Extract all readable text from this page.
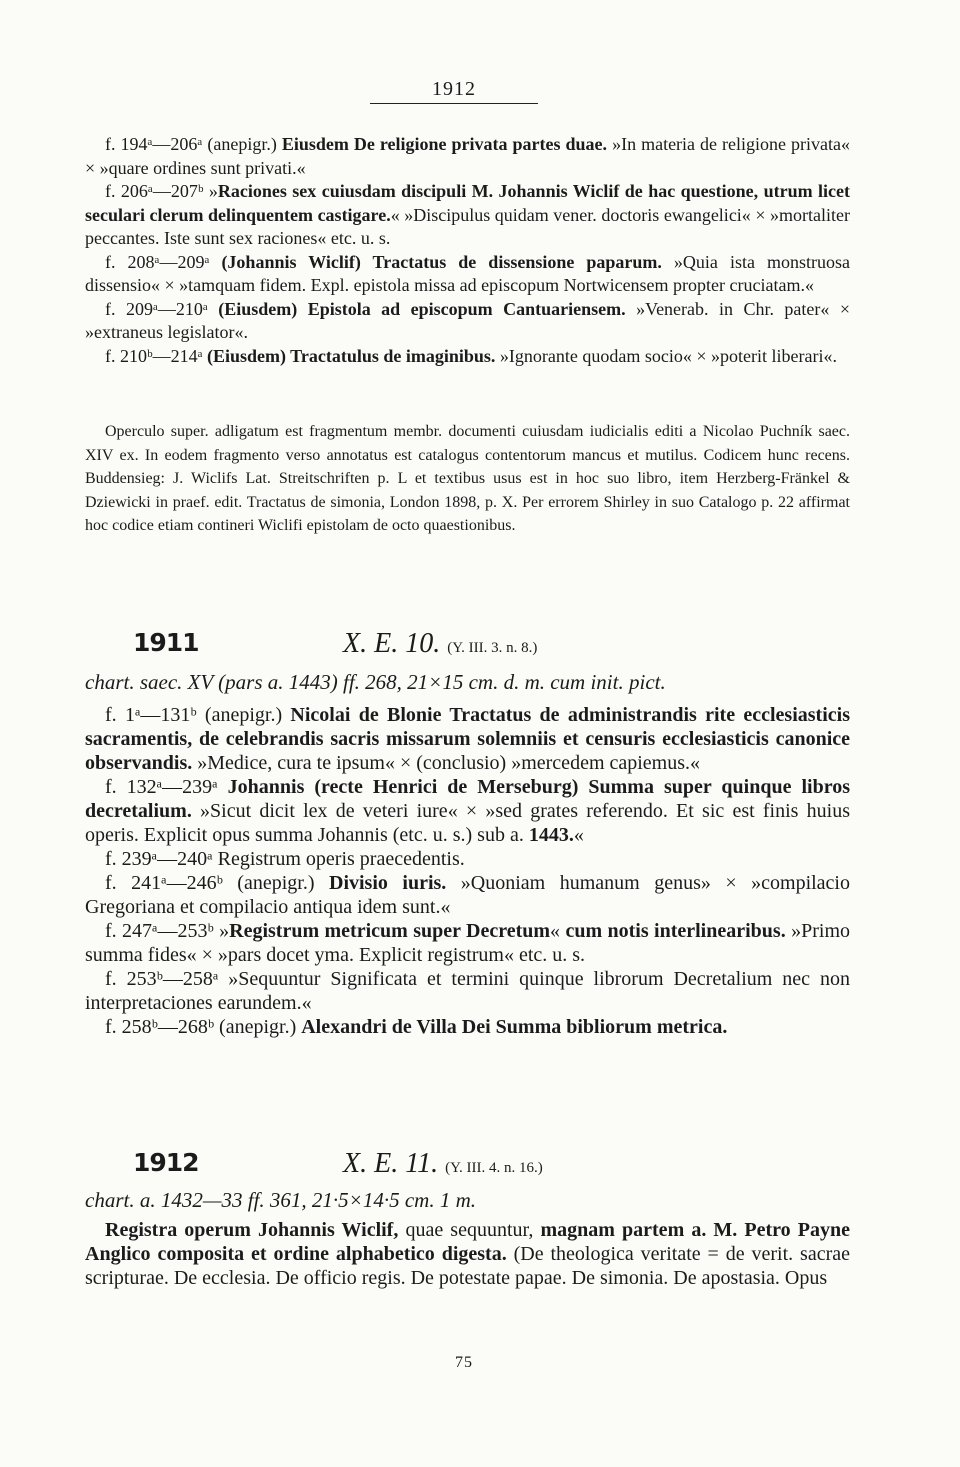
1912

f. 194ᵃ—206ᵃ (anepigr.) Eiusdem De religione privata partes duae. »In materia de religione privata« × »quare ordines sunt privati.«

f. 206ᵃ—207ᵇ »Raciones sex cuiusdam discipuli M. Johannis Wiclif de hac questione, utrum licet seculari clerum delinquentem castigare.« »Discipulus quidam vener. doctoris ewangelici« × »mortaliter peccantes. Iste sunt sex raciones« etc. u. s.

f. 208ᵃ—209ᵃ (Johannis Wiclif) Tractatus de dissensione paparum. »Quia ista monstruosa dissensio« × »tamquam fidem. Expl. epistola missa ad episcopum Nortwicensem propter cruciatam.«

f. 209ᵃ—210ᵃ (Eiusdem) Epistola ad episcopum Cantuariensem. »Venerab. in Chr. pater« × »extraneus legislator«.

f. 210ᵇ—214ᵃ (Eiusdem) Tractatulus de imaginibus. »Ignorante quodam socio« × »poterit liberari«.

Operculo super. adligatum est fragmentum membr. documenti cuiusdam iudicialis editi a Nicolao Puchník saec. XIV ex. In eodem fragmento verso annotatus est catalogus contentorum mancus et mutilus. Codicem hunc recens. Buddensieg: J. Wiclifs Lat. Streitschriften p. L et textibus usus est in hoc suo libro, item Herzberg-Fränkel & Dziewicki in praef. edit. Tractatus de simonia, London 1898, p. X. Per errorem Shirley in suo Catalogo p. 22 affirmat hoc codice etiam contineri Wiclifi epistolam de octo quaestionibus.

1911	X. E. 10. (Y. III. 3. n. 8.)
chart. saec. XV (pars a. 1443) ff. 268, 21×15 cm. d. m. cum init. pict.

f. 1ᵃ—131ᵇ (anepigr.) Nicolai de Blonie Tractatus de administrandis rite ecclesiasticis sacramentis, de celebrandis sacris missarum solemniis et censuris ecclesiasticis canonice observandis. »Medice, cura te ipsum« × (conclusio) »mercedem capiemus.«

f. 132ᵃ—239ᵃ Johannis (recte Henrici de Merseburg) Summa super quinque libros decretalium. »Sicut dicit lex de veteri iure« × »sed grates referendo. Et sic est finis huius operis. Explicit opus summa Johannis (etc. u. s.) sub a. 1443.«

f. 239ᵃ—240ᵃ Registrum operis praecedentis.

f. 241ᵃ—246ᵇ (anepigr.) Divisio iuris. »Quoniam humanum genus» × »compilacio Gregoriana et compilacio antiqua idem sunt.«

f. 247ᵃ—253ᵇ »Registrum metricum super Decretum« cum notis interlinearibus. »Primo summa fides« × »pars docet yma. Explicit registrum« etc. u. s.

f. 253ᵇ—258ᵃ »Sequuntur Significata et termini quinque librorum Decretalium nec non interpretaciones earundem.«

f. 258ᵇ—268ᵇ (anepigr.) Alexandri de Villa Dei Summa bibliorum metrica.

1912	X. E. 11. (Y. III. 4. n. 16.)
chart. a. 1432—33 ff. 361, 21·5×14·5 cm. 1 m.

Registra operum Johannis Wiclif, quae sequuntur, magnam partem a. M. Petro Payne Anglico composita et ordine alphabetico digesta. (De theologica veritate = de verit. sacrae scripturae. De ecclesia. De officio regis. De potestate papae. De simonia. De apostasia. Opus

75
